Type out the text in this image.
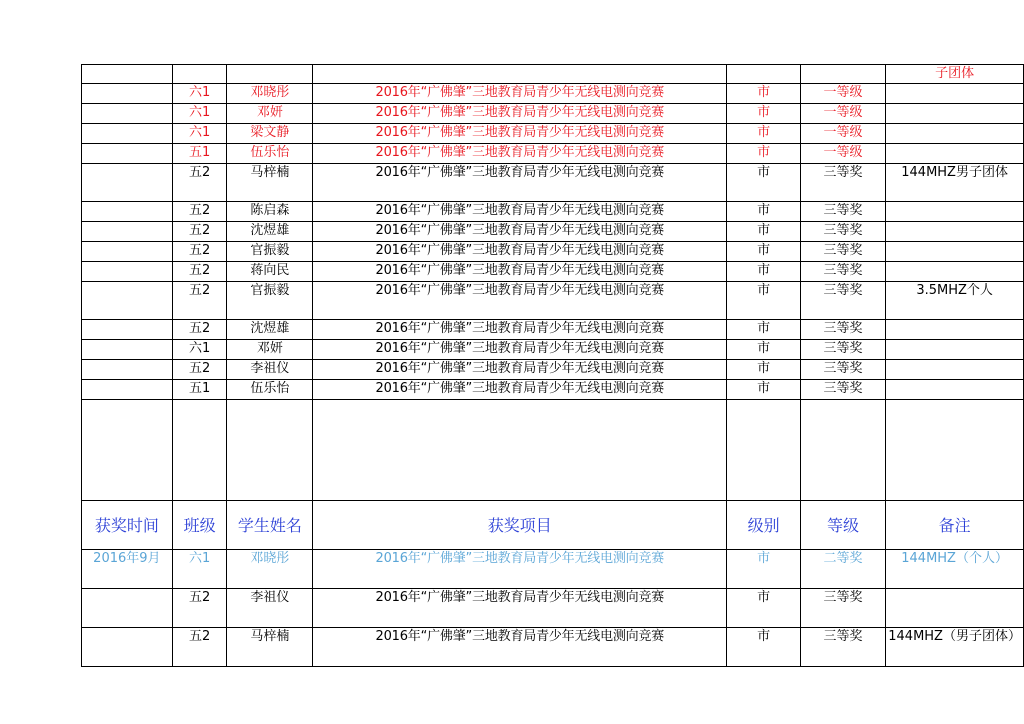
						子团体
	六1	邓晓彤	2016年“广佛肇”三地教育局青少年无线电测向竞赛	市	一等级	
	六1	邓妍	2016年“广佛肇”三地教育局青少年无线电测向竞赛	市	一等级	
	六1	梁文静	2016年“广佛肇”三地教育局青少年无线电测向竞赛	市	一等级	
	五1	伍乐怡	2016年“广佛肇”三地教育局青少年无线电测向竞赛	市	一等级	
	五2	马梓楠	2016年“广佛肇”三地教育局青少年无线电测向竞赛	市	三等奖	144MHZ男子团体
	五2	陈启森	2016年“广佛肇”三地教育局青少年无线电测向竞赛	市	三等奖	
	五2	沈煜雄	2016年“广佛肇”三地教育局青少年无线电测向竞赛	市	三等奖	
	五2	官振毅	2016年“广佛肇”三地教育局青少年无线电测向竞赛	市	三等奖	
	五2	蒋向民	2016年“广佛肇”三地教育局青少年无线电测向竞赛	市	三等奖	
	五2	官振毅	2016年“广佛肇”三地教育局青少年无线电测向竞赛	市	三等奖	3.5MHZ个人
	五2	沈煜雄	2016年“广佛肇”三地教育局青少年无线电测向竞赛	市	三等奖	
	六1	邓妍	2016年“广佛肇”三地教育局青少年无线电测向竞赛	市	三等奖	
	五2	李祖仪	2016年“广佛肇”三地教育局青少年无线电测向竞赛	市	三等奖	
	五1	伍乐怡	2016年“广佛肇”三地教育局青少年无线电测向竞赛	市	三等奖	

获奖时间	班级	学生姓名	获奖项目	级别	等级	备注
2016年9月	六1	邓晓彤	2016年“广佛肇”三地教育局青少年无线电测向竞赛	市	二等奖	144MHZ（个人）
	五2	李祖仪	2016年“广佛肇”三地教育局青少年无线电测向竞赛	市	三等奖	
	五2	马梓楠	2016年“广佛肇”三地教育局青少年无线电测向竞赛	市	三等奖	144MHZ（男子团体）
